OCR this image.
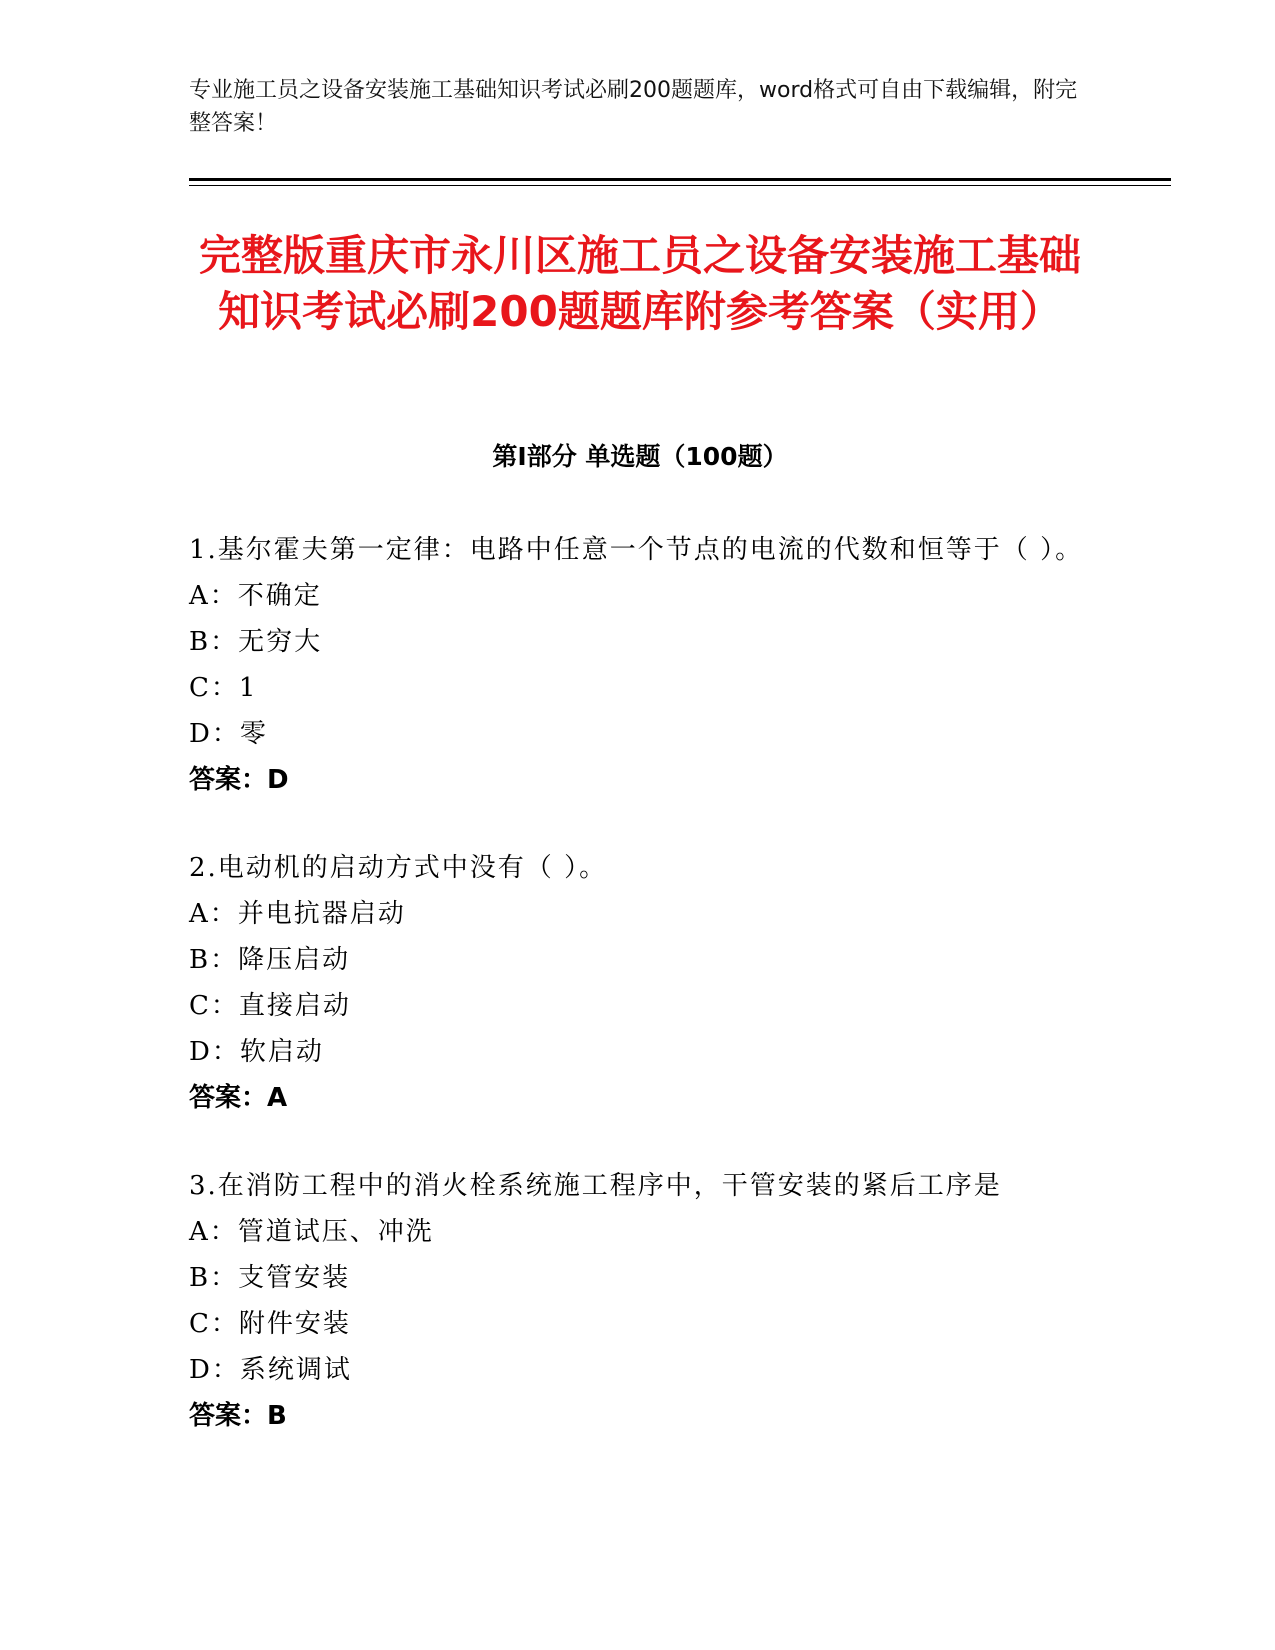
专业施工员之设备安装施工基础知识考试必刷200题题库，word格式可自由下载编辑，附完整答案！
完整版重庆市永川区施工员之设备安装施工基础知识考试必刷200题题库附参考答案（实用）
第Ⅰ部分 单选题（100题）
1.基尔霍夫第一定律：电路中任意一个节点的电流的代数和恒等于（ ）。
A：不确定
B：无穷大
C：1
D：零
答案：D
2.电动机的启动方式中没有（ ）。
A：并电抗器启动
B：降压启动
C：直接启动
D：软启动
答案：A
3.在消防工程中的消火栓系统施工程序中，干管安装的紧后工序是
A：管道试压、冲洗
B：支管安装
C：附件安装
D：系统调试
答案：B
